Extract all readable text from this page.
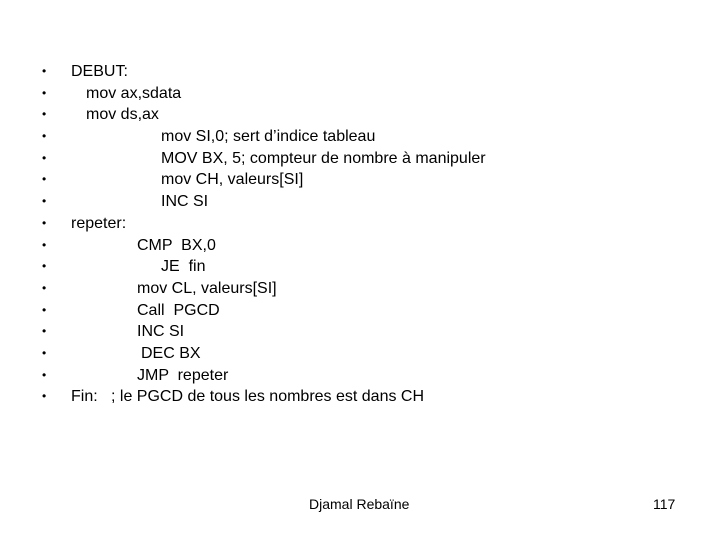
•

DEBUT:

•

mov ax,sdata

•

mov ds,ax

•

	mov SI,0; sert d’indice tableau

•

	MOV BX, 5; compteur de nombre à manipuler

•

	mov CH, valeurs[SI]

•

	INC SI

•

repeter:

•

	CMP  BX,0

•

	JE  fin

•

	mov CL, valeurs[SI]

•

	Call  PGCD

•

	INC SI

•

	DEC BX

•

	JMP  repeter

•

Fin:   ; le PGCD de tous les nombres est dans CH

Djamal Rebaïne	117
